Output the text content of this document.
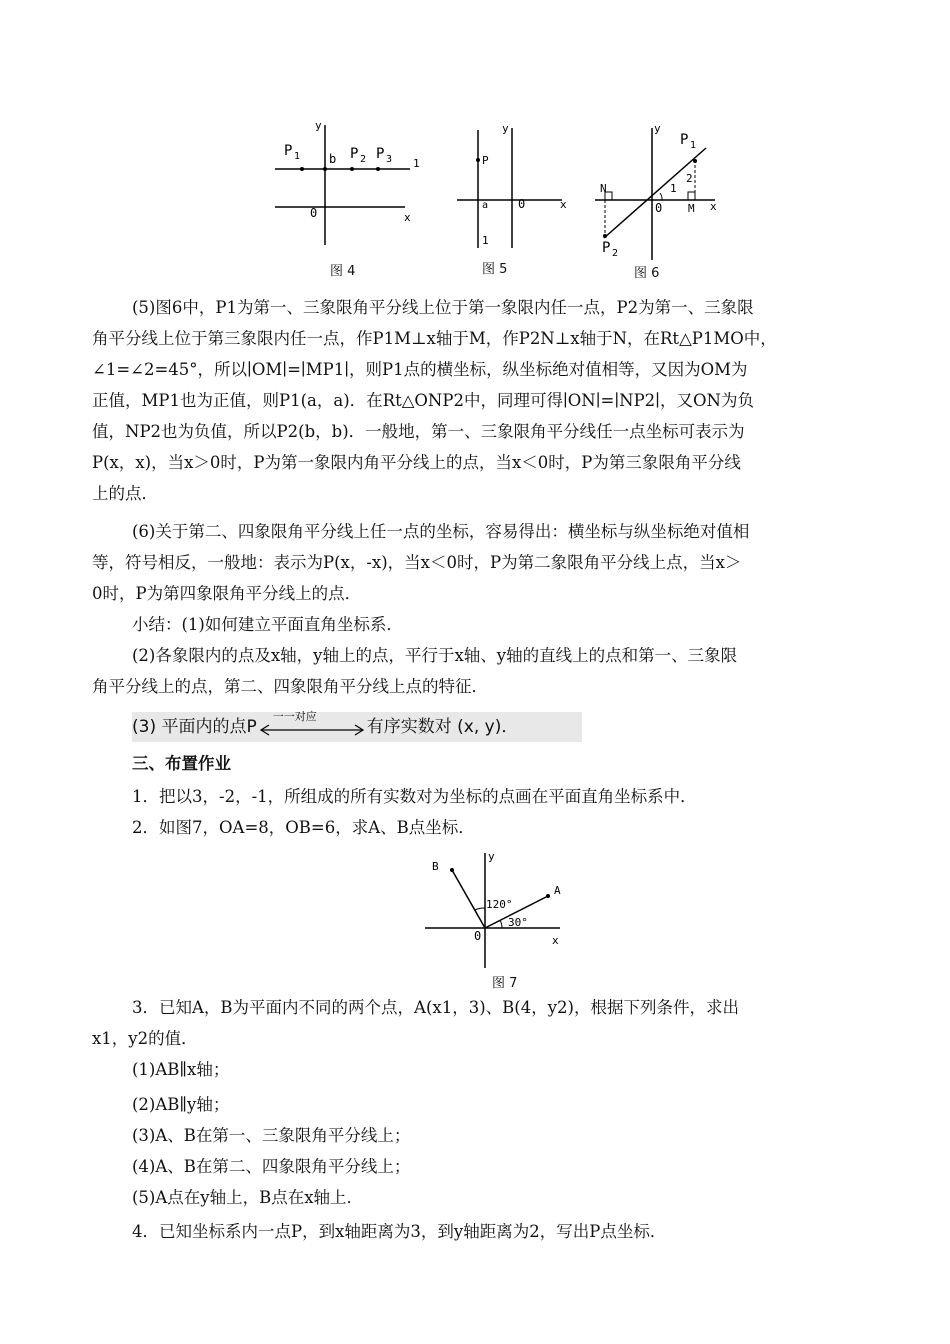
y
x
0
P 1 b P 2 P 3 1
图 4
y
x
0
P
a
1
图 5
y
x
0
P 1
P 2
N
M
1
2
图 6
(5)图6中，P1为第一、三象限角平分线上位于第一象限内任一点，P2为第一、三象限
角平分线上位于第三象限内任一点，作P1M⊥x轴于M，作P2N⊥x轴于N，在Rt△P1MO中，
∠1=∠2=45°，所以∣OM∣=∣MP1∣，则P1点的横坐标，纵坐标绝对值相等，又因为OM为
正值，MP1也为正值，则P1(a，a)．在Rt△ONP2中，同理可得∣ON∣=∣NP2∣，又ON为负
值，NP2也为负值，所以P2(b，b)．一般地，第一、三象限角平分线任一点坐标可表示为
P(x，x)，当x＞0时，P为第一象限内角平分线上的点，当x＜0时，P为第三象限角平分线
上的点．
(6)关于第二、四象限角平分线上任一点的坐标，容易得出：横坐标与纵坐标绝对值相
等，符号相反，一般地：表示为P(x，-x)，当x＜0时，P为第二象限角平分线上点，当x＞
0时，P为第四象限角平分线上的点．
小结：(1)如何建立平面直角坐标系．
(2)各象限内的点及x轴，y轴上的点，平行于x轴、y轴的直线上的点和第一、三象限
角平分线上的点，第二、四象限角平分线上点的特征．
(3) 平面内的点P
一一对应
有序实数对 (x, y)．
三、布置作业
1．把以3，-2，-1，所组成的所有实数对为坐标的点画在平面直角坐标系中．
2．如图7，OA=8，OB=6，求A、B点坐标．
y
x
0
A
B
120°
30°
图 7
3．已知A，B为平面内不同的两个点，A(x1，3)、B(4，y2)，根据下列条件，求出
x1，y2的值．
(1)AB∥x轴；
(2)AB∥y轴；
(3)A、B在第一、三象限角平分线上；
(4)A、B在第二、四象限角平分线上；
(5)A点在y轴上，B点在x轴上．
4．已知坐标系内一点P，到x轴距离为3，到y轴距离为2，写出P点坐标．
